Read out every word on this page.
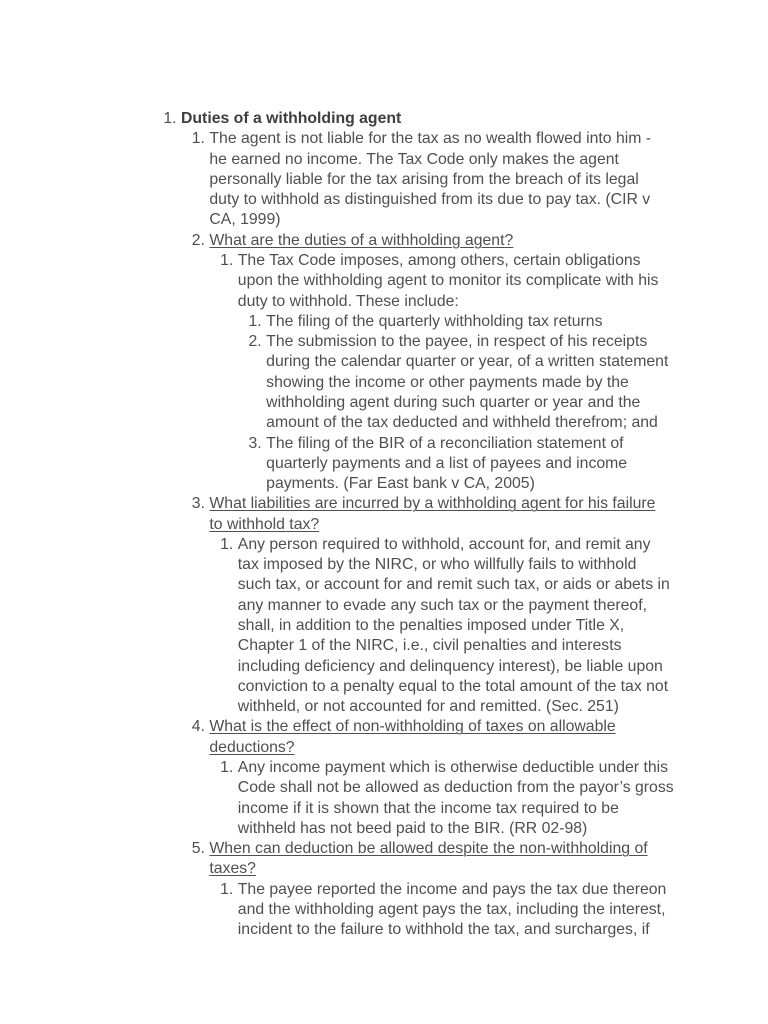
1. Duties of a withholding agent
1. The agent is not liable for the tax as no wealth flowed into him -
he earned no income. The Tax Code only makes the agent
personally liable for the tax arising from the breach of its legal
duty to withhold as distinguished from its due to pay tax. (CIR v
CA, 1999)
2. What are the duties of a withholding agent?
1. The Tax Code imposes, among others, certain obligations
upon the withholding agent to monitor its complicate with his
duty to withhold. These include:
1. The filing of the quarterly withholding tax returns
2. The submission to the payee, in respect of his receipts
during the calendar quarter or year, of a written statement
showing the income or other payments made by the
withholding agent during such quarter or year and the
amount of the tax deducted and withheld therefrom; and
3. The filing of the BIR of a reconciliation statement of
quarterly payments and a list of payees and income
payments. (Far East bank v CA, 2005)
3. What liabilities are incurred by a withholding agent for his failure
to withhold tax?
1. Any person required to withhold, account for, and remit any
tax imposed by the NIRC, or who willfully fails to withhold
such tax, or account for and remit such tax, or aids or abets in
any manner to evade any such tax or the payment thereof,
shall, in addition to the penalties imposed under Title X,
Chapter 1 of the NIRC, i.e., civil penalties and interests
including deficiency and delinquency interest), be liable upon
conviction to a penalty equal to the total amount of the tax not
withheld, or not accounted for and remitted. (Sec. 251)
4. What is the effect of non-withholding of taxes on allowable
deductions?
1. Any income payment which is otherwise deductible under this
Code shall not be allowed as deduction from the payor’s gross
income if it is shown that the income tax required to be
withheld has not beed paid to the BIR. (RR 02-98)
5. When can deduction be allowed despite the non-withholding of
taxes?
1. The payee reported the income and pays the tax due thereon
and the withholding agent pays the tax, including the interest,
incident to the failure to withhold the tax, and surcharges, if
